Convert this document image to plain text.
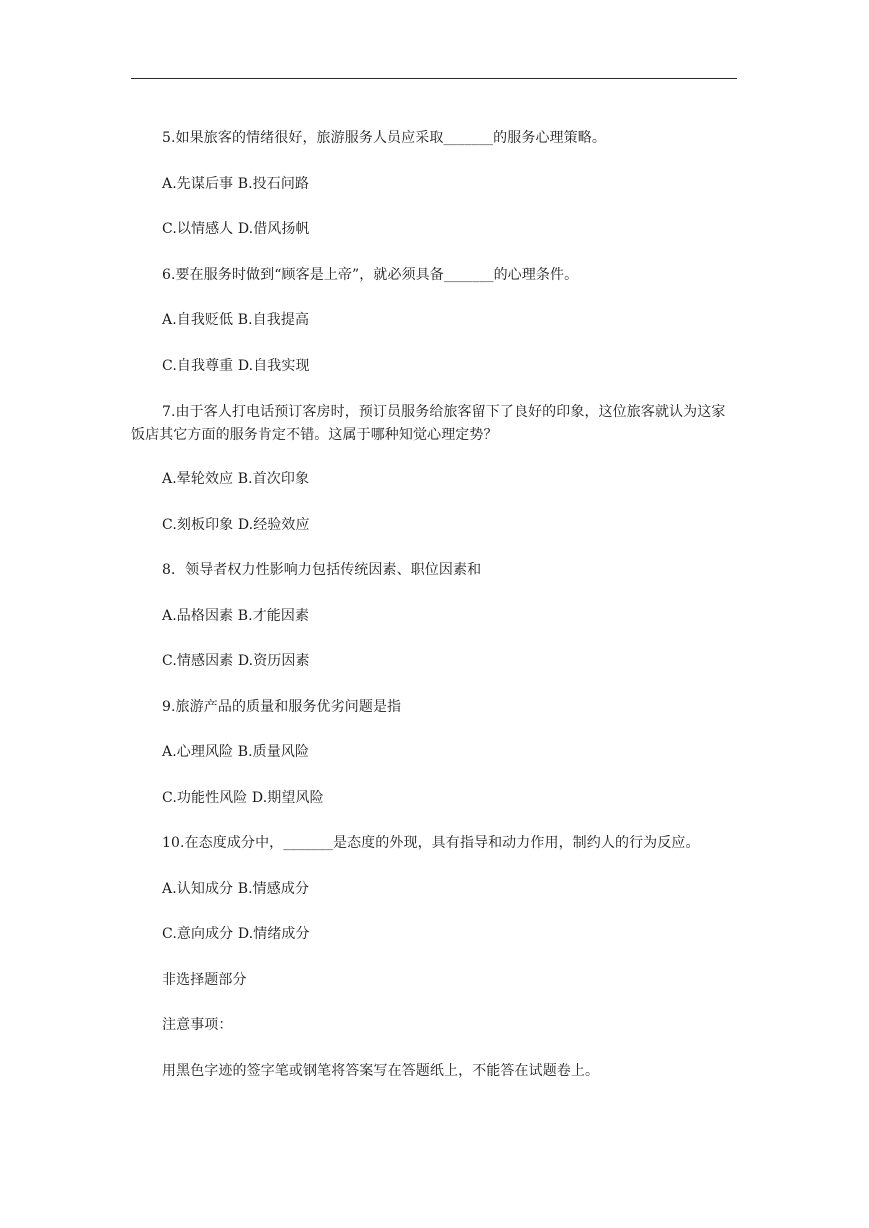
5.如果旅客的情绪很好，旅游服务人员应采取_______的服务心理策略。
A.先谋后事 B.投石问路
C.以情感人 D.借风扬帆
6.要在服务时做到“顾客是上帝”，就必须具备_______的心理条件。
A.自我贬低 B.自我提高
C.自我尊重 D.自我实现
7.由于客人打电话预订客房时，预订员服务给旅客留下了良好的印象，这位旅客就认为这家饭店其它方面的服务肯定不错。这属于哪种知觉心理定势？
A.晕轮效应 B.首次印象
C.刻板印象 D.经验效应
8．领导者权力性影响力包括传统因素、职位因素和
A.品格因素 B.才能因素
C.情感因素 D.资历因素
9.旅游产品的质量和服务优劣问题是指
A.心理风险 B.质量风险
C.功能性风险 D.期望风险
10.在态度成分中，_______是态度的外现，具有指导和动力作用，制约人的行为反应。
A.认知成分 B.情感成分
C.意向成分 D.情绪成分
非选择题部分
注意事项：
用黑色字迹的签字笔或钢笔将答案写在答题纸上，不能答在试题卷上。
